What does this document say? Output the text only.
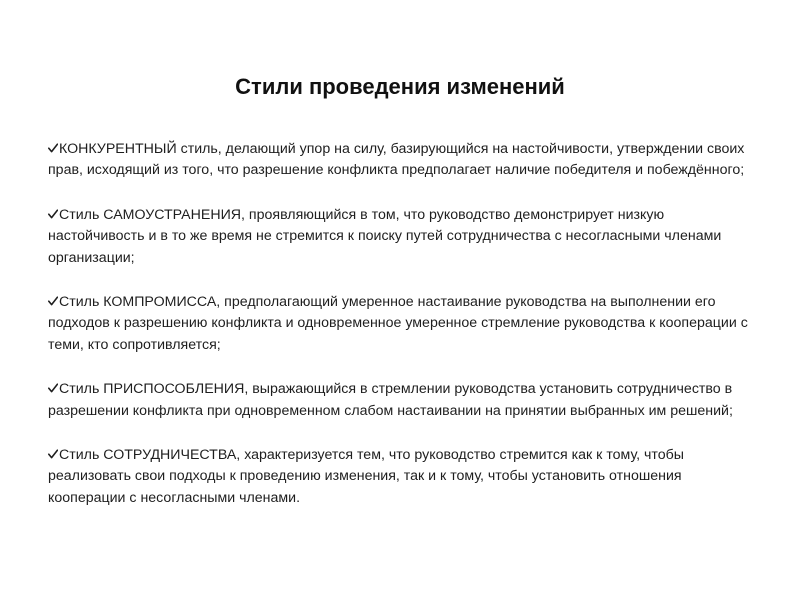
Стили проведения изменений
КОНКУРЕНТНЫЙ стиль, делающий упор на силу, базирующийся на настойчивости, утверждении своих прав, исходящий из того, что разрешение конфликта предполагает наличие победителя и побеждённого;
Стиль САМОУСТРАНЕНИЯ, проявляющийся в том, что руководство демонстрирует низкую настойчивость и в то же время не стремится к поиску путей сотрудничества с несогласными членами организации;
Стиль КОМПРОМИССА, предполагающий умеренное настаивание руководства на выполнении его подходов к разрешению конфликта и одновременное умеренное стремление руководства к кооперации с теми, кто сопротивляется;
Стиль ПРИСПОСОБЛЕНИЯ, выражающийся в стремлении руководства установить сотрудничество в разрешении конфликта при одновременном слабом настаивании на принятии выбранных им решений;
Стиль СОТРУДНИЧЕСТВА, характеризуется тем, что руководство стремится как к тому, чтобы реализовать свои подходы к проведению изменения, так и к тому, чтобы установить отношения кооперации с несогласными членами.
